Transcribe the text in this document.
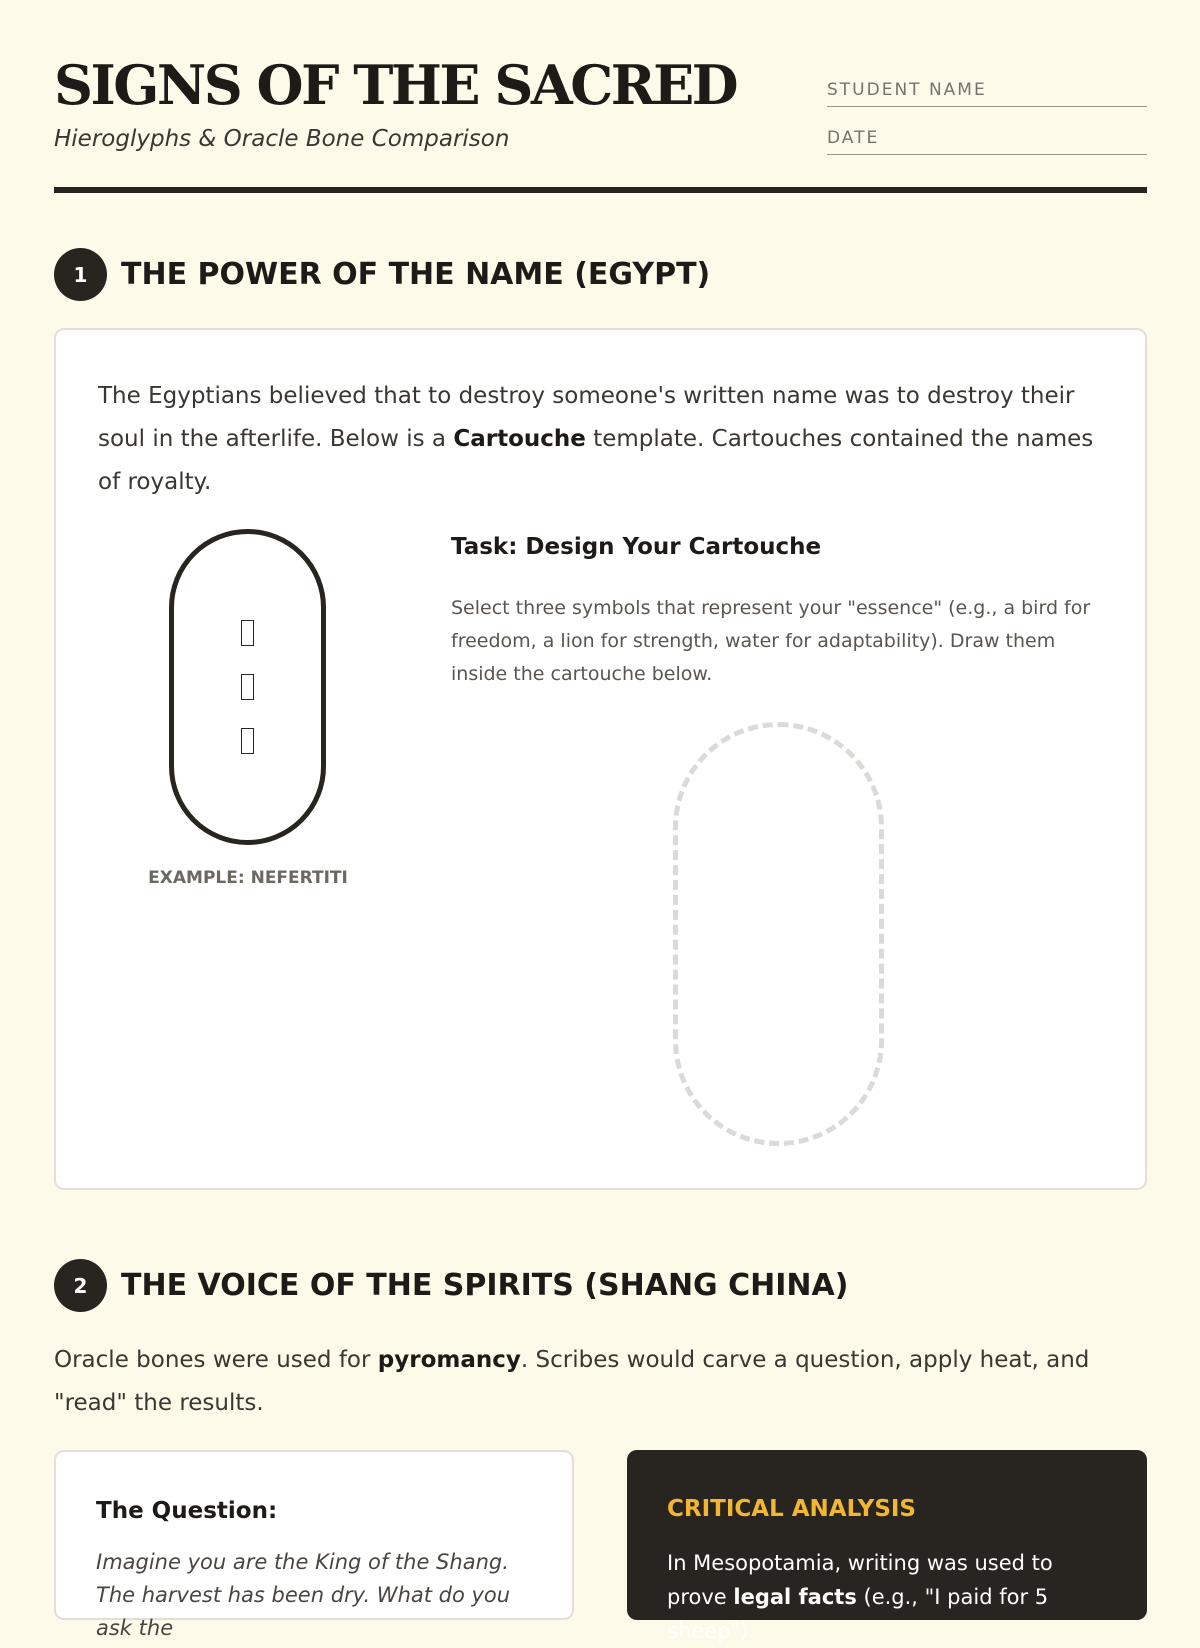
SIGNS OF THE SACRED
Hieroglyphs & Oracle Bone Comparison
STUDENT NAME
DATE
1	THE POWER OF THE NAME (EGYPT)

The Egyptians believed that to destroy someone's written name was to destroy their soul in the afterlife. Below is a Cartouche template. Cartouches contained the names of royalty.

EXAMPLE: NEFERTITI
Task: Design Your Cartouche

Select three symbols that represent your "essence" (e.g., a bird for freedom, a lion for strength, water for adaptability). Draw them inside the cartouche below.

2	THE VOICE OF THE SPIRITS (SHANG CHINA)

Oracle bones were used for pyromancy. Scribes would carve a question, apply heat, and "read" the results.

The Question:

Imagine you are the King of the Shang. The harvest has been dry. What do you ask the

CRITICAL ANALYSIS

In Mesopotamia, writing was used to prove legal facts (e.g., "I paid for 5 sheep").
